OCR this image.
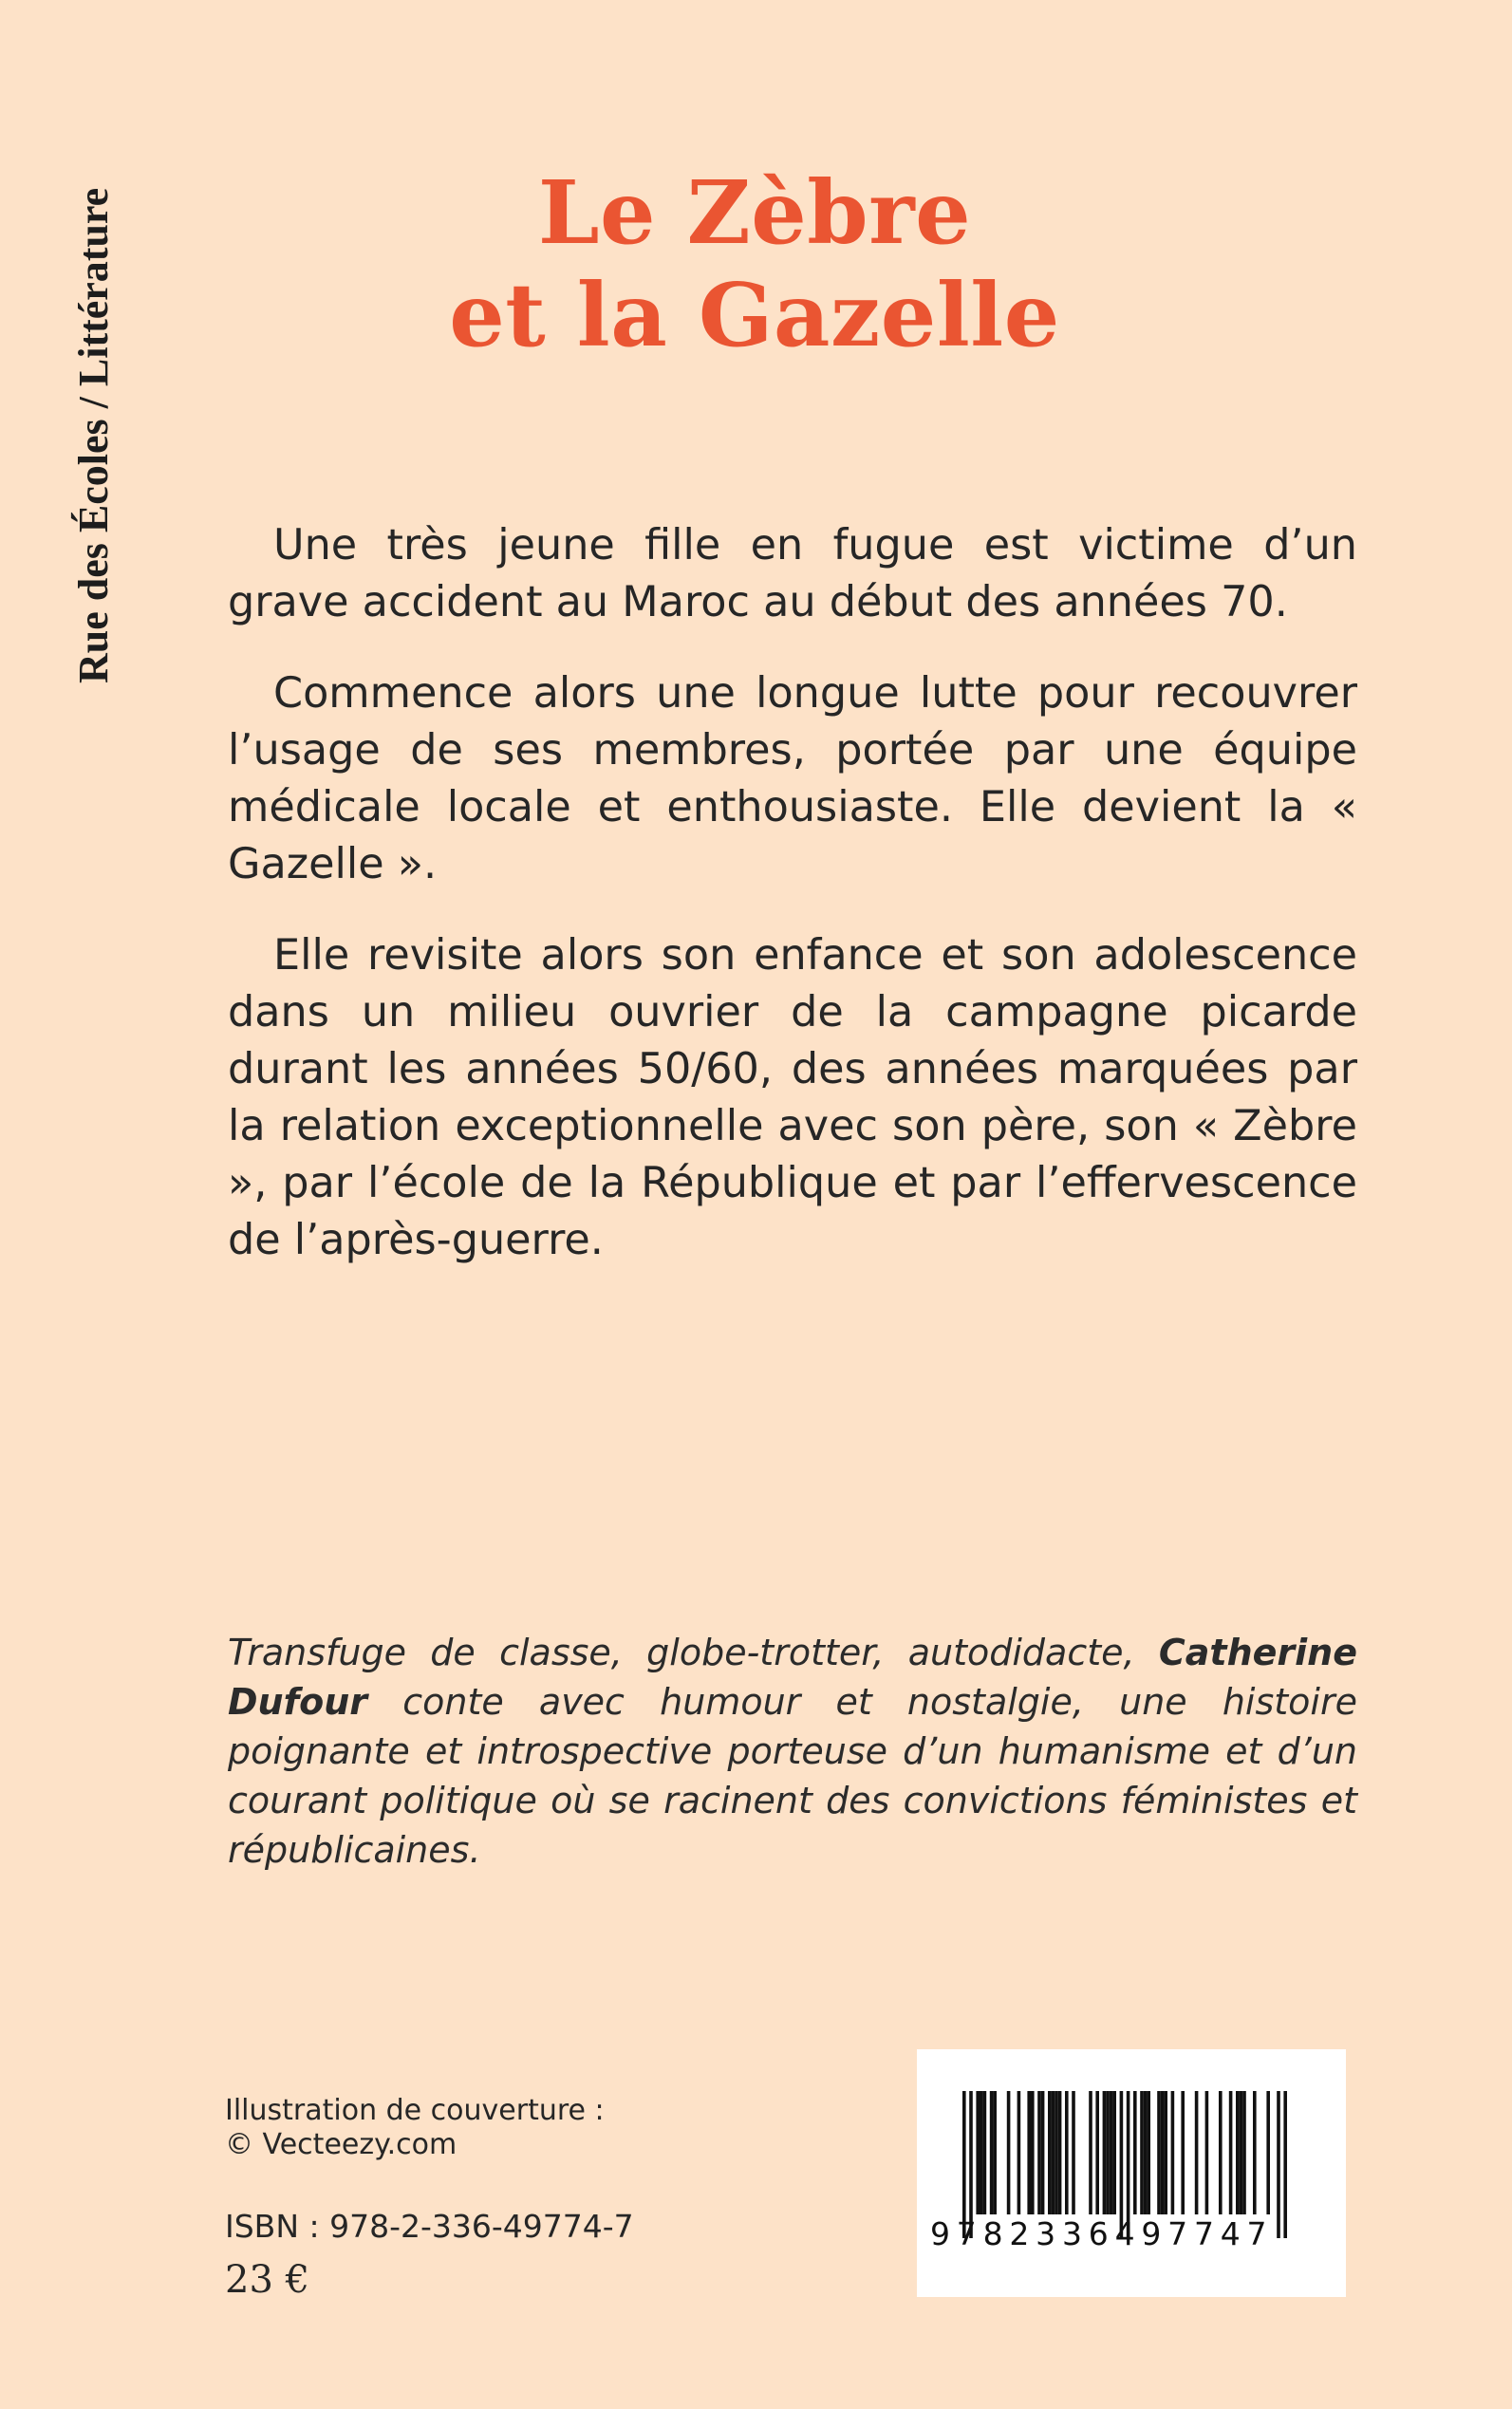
Rue des Écoles / Littérature	Le Zèbre
et la Gazelle

Une très jeune fille en fugue est victime d’un grave accident au Maroc au début des années 70.

Commence alors une longue lutte pour recouvrer l’usage de ses membres, portée par une équipe médicale locale et enthousiaste. Elle devient la « Gazelle ».

Elle revisite alors son enfance et son adolescence dans un milieu ouvrier de la campagne picarde durant les années 50/60, des années marquées par la relation exceptionnelle avec son père, son « Zèbre », par l’école de la République et par l’effervescence de l’après-guerre.

Transfuge de classe, globe-trotter, autodidacte, Catherine Dufour conte avec humour et nostalgie, une histoire poignante et introspective porteuse d’un humanisme et d’un courant politique où se racinent des convictions féministes et républicaines.

Illustration de couverture :
© Vecteezy.com
ISBN : 978-2-336-49774-7
23 €
9782336497747
